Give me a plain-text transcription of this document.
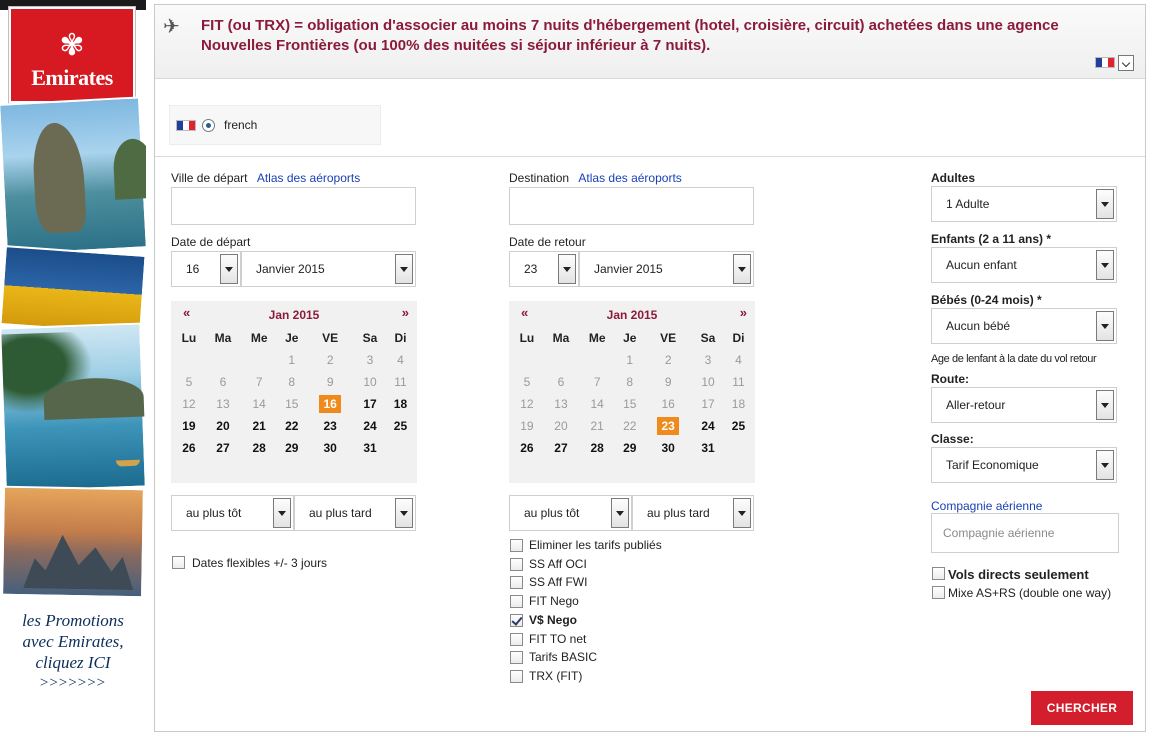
✾
Emirates
les Promotions
avec Emirates,
cliquez ICI
>>>>>>>
✈	FIT (ou TRX) = obligation d'associer au moins 7 nuits d'hébergement (hotel, croisière, circuit) achetées dans une agence Nouvelles Frontières (ou 100% des nuitées si séjour inférieur à 7 nuits).
french
Ville de départ Atlas des aéroports
Date de départ
16	Janvier 2015
«	Jan 2015	»
Lu	Ma	Me	Je	VE	Sa	Di
			1	2	3	4
5	6	7	8	9	10	11
12	13	14	15	16	17	18
19	20	21	22	23	24	25
26	27	28	29	30	31	
au plus tôt	au plus tard
Dates flexibles +/- 3 jours
Destination Atlas des aéroports
Date de retour
23	Janvier 2015
«	Jan 2015	»
Lu	Ma	Me	Je	VE	Sa	Di
			1	2	3	4
5	6	7	8	9	10	11
12	13	14	15	16	17	18
19	20	21	22	23	24	25
26	27	28	29	30	31	
au plus tôt	au plus tard
Eliminer les tarifs publiés
SS Aff OCI
SS Aff FWI
FIT Nego
V$ Nego
FIT TO net
Tarifs BASIC
TRX (FIT)
Adultes
1 Adulte
Enfants (2 a 11 ans) *
Aucun enfant
Bébés (0-24 mois) *
Aucun bébé
Age de lenfant à la date du vol retour
Route:
Aller-retour
Classe:
Tarif Economique
Compagnie aérienne
Compagnie aérienne
Vols directs seulement
Mixe AS+RS (double one way)
CHERCHER
